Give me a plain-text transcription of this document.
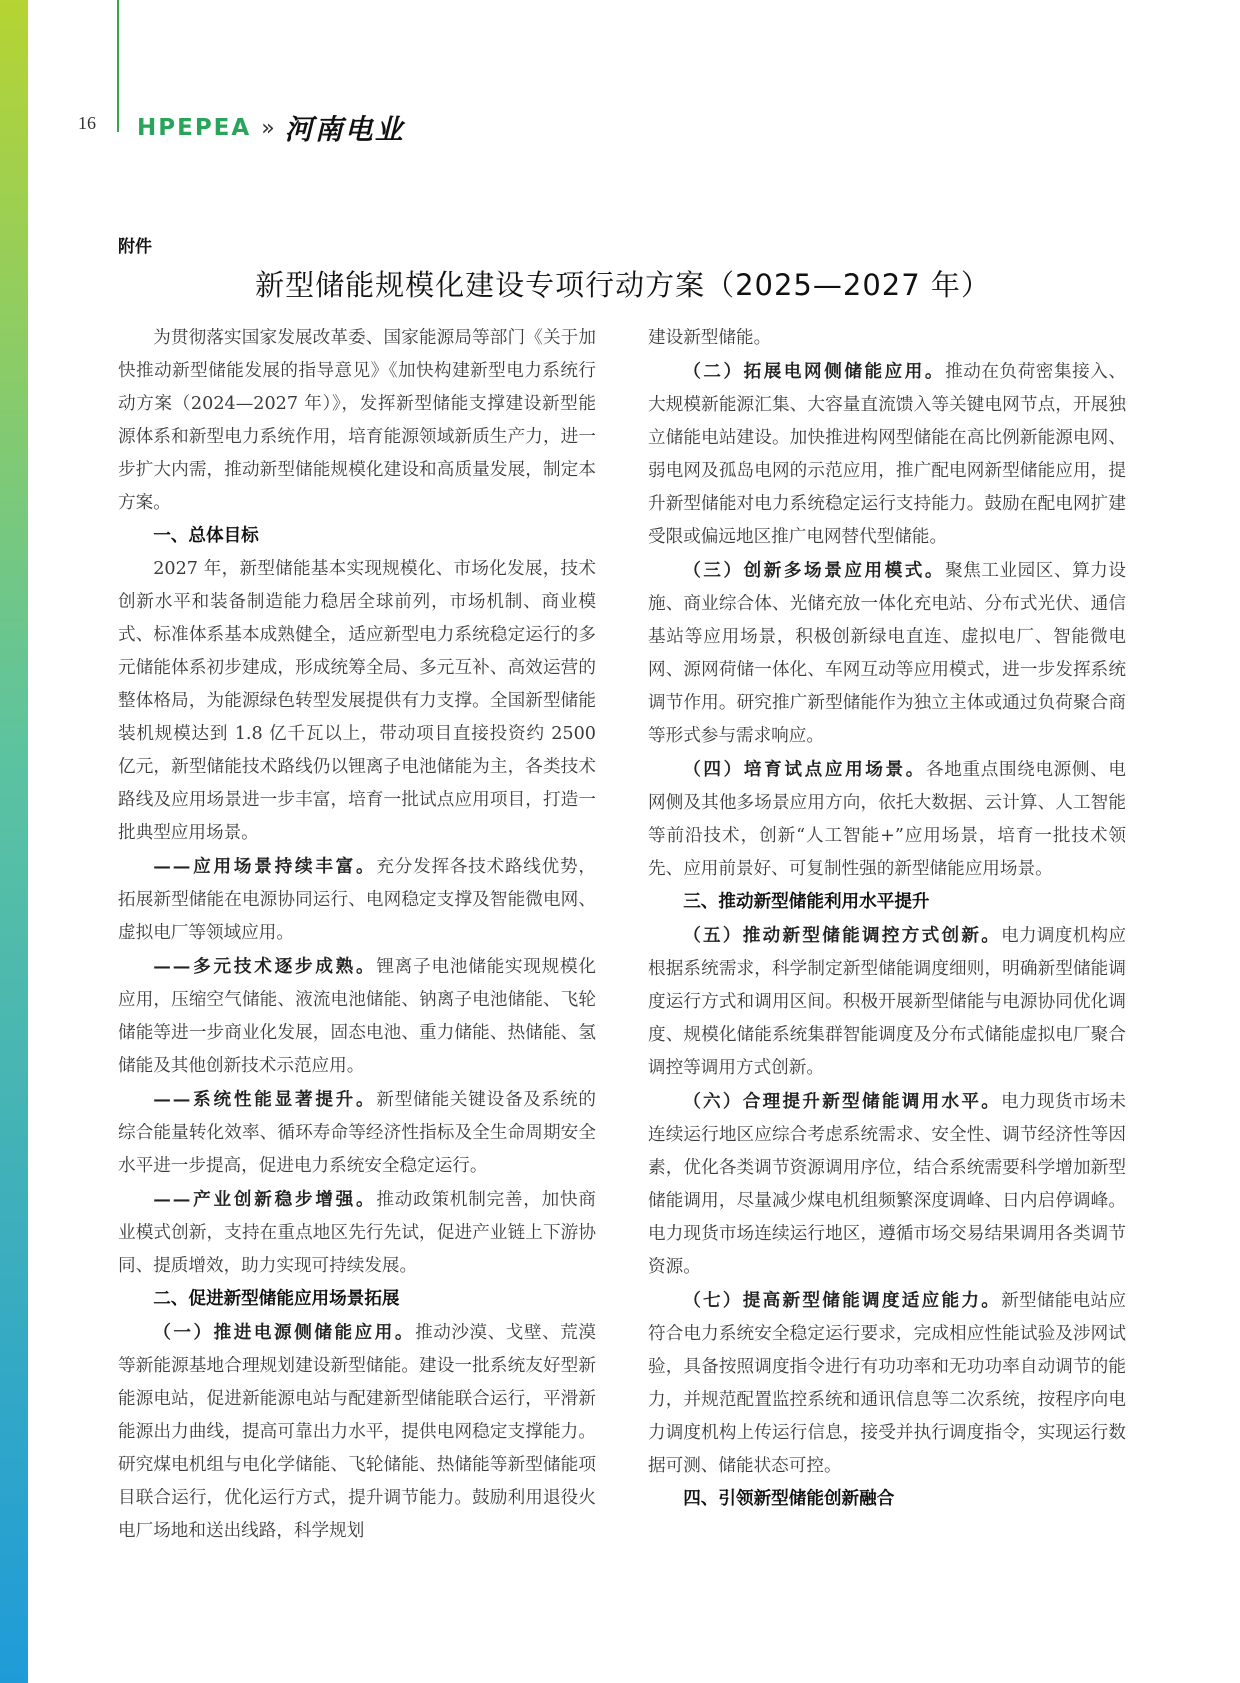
16 HPEPEA » 河南电业
附件
新型储能规模化建设专项行动方案（2025—2027 年）

为贯彻落实国家发展改革委、国家能源局等部门《关于加快推动新型储能发展的指导意见》《加快构建新型电力系统行动方案（2024—2027 年）》，发挥新型储能支撑建设新型能源体系和新型电力系统作用，培育能源领域新质生产力，进一步扩大内需，推动新型储能规模化建设和高质量发展，制定本方案。

一、总体目标

2027 年，新型储能基本实现规模化、市场化发展，技术创新水平和装备制造能力稳居全球前列，市场机制、商业模式、标准体系基本成熟健全，适应新型电力系统稳定运行的多元储能体系初步建成，形成统筹全局、多元互补、高效运营的整体格局，为能源绿色转型发展提供有力支撑。全国新型储能装机规模达到 1.8 亿千瓦以上，带动项目直接投资约 2500 亿元，新型储能技术路线仍以锂离子电池储能为主，各类技术路线及应用场景进一步丰富，培育一批试点应用项目，打造一批典型应用场景。

——应用场景持续丰富。充分发挥各技术路线优势，拓展新型储能在电源协同运行、电网稳定支撑及智能微电网、虚拟电厂等领域应用。

——多元技术逐步成熟。锂离子电池储能实现规模化应用，压缩空气储能、液流电池储能、钠离子电池储能、飞轮储能等进一步商业化发展，固态电池、重力储能、热储能、氢储能及其他创新技术示范应用。

——系统性能显著提升。新型储能关键设备及系统的综合能量转化效率、循环寿命等经济性指标及全生命周期安全水平进一步提高，促进电力系统安全稳定运行。

——产业创新稳步增强。推动政策机制完善，加快商业模式创新，支持在重点地区先行先试，促进产业链上下游协同、提质增效，助力实现可持续发展。

二、促进新型储能应用场景拓展

（一）推进电源侧储能应用。推动沙漠、戈壁、荒漠等新能源基地合理规划建设新型储能。建设一批系统友好型新能源电站，促进新能源电站与配建新型储能联合运行，平滑新能源出力曲线，提高可靠出力水平，提供电网稳定支撑能力。研究煤电机组与电化学储能、飞轮储能、热储能等新型储能项目联合运行，优化运行方式，提升调节能力。鼓励利用退役火电厂场地和送出线路，科学规划

建设新型储能。

（二）拓展电网侧储能应用。推动在负荷密集接入、大规模新能源汇集、大容量直流馈入等关键电网节点，开展独立储能电站建设。加快推进构网型储能在高比例新能源电网、弱电网及孤岛电网的示范应用，推广配电网新型储能应用，提升新型储能对电力系统稳定运行支持能力。鼓励在配电网扩建受限或偏远地区推广电网替代型储能。

（三）创新多场景应用模式。聚焦工业园区、算力设施、商业综合体、光储充放一体化充电站、分布式光伏、通信基站等应用场景，积极创新绿电直连、虚拟电厂、智能微电网、源网荷储一体化、车网互动等应用模式，进一步发挥系统调节作用。研究推广新型储能作为独立主体或通过负荷聚合商等形式参与需求响应。

（四）培育试点应用场景。各地重点围绕电源侧、电网侧及其他多场景应用方向，依托大数据、云计算、人工智能等前沿技术，创新“人工智能+”应用场景，培育一批技术领先、应用前景好、可复制性强的新型储能应用场景。

三、推动新型储能利用水平提升

（五）推动新型储能调控方式创新。电力调度机构应根据系统需求，科学制定新型储能调度细则，明确新型储能调度运行方式和调用区间。积极开展新型储能与电源协同优化调度、规模化储能系统集群智能调度及分布式储能虚拟电厂聚合调控等调用方式创新。

（六）合理提升新型储能调用水平。电力现货市场未连续运行地区应综合考虑系统需求、安全性、调节经济性等因素，优化各类调节资源调用序位，结合系统需要科学增加新型储能调用，尽量减少煤电机组频繁深度调峰、日内启停调峰。电力现货市场连续运行地区，遵循市场交易结果调用各类调节资源。

（七）提高新型储能调度适应能力。新型储能电站应符合电力系统安全稳定运行要求，完成相应性能试验及涉网试验，具备按照调度指令进行有功功率和无功功率自动调节的能力，并规范配置监控系统和通讯信息等二次系统，按程序向电力调度机构上传运行信息，接受并执行调度指令，实现运行数据可测、储能状态可控。

四、引领新型储能创新融合
